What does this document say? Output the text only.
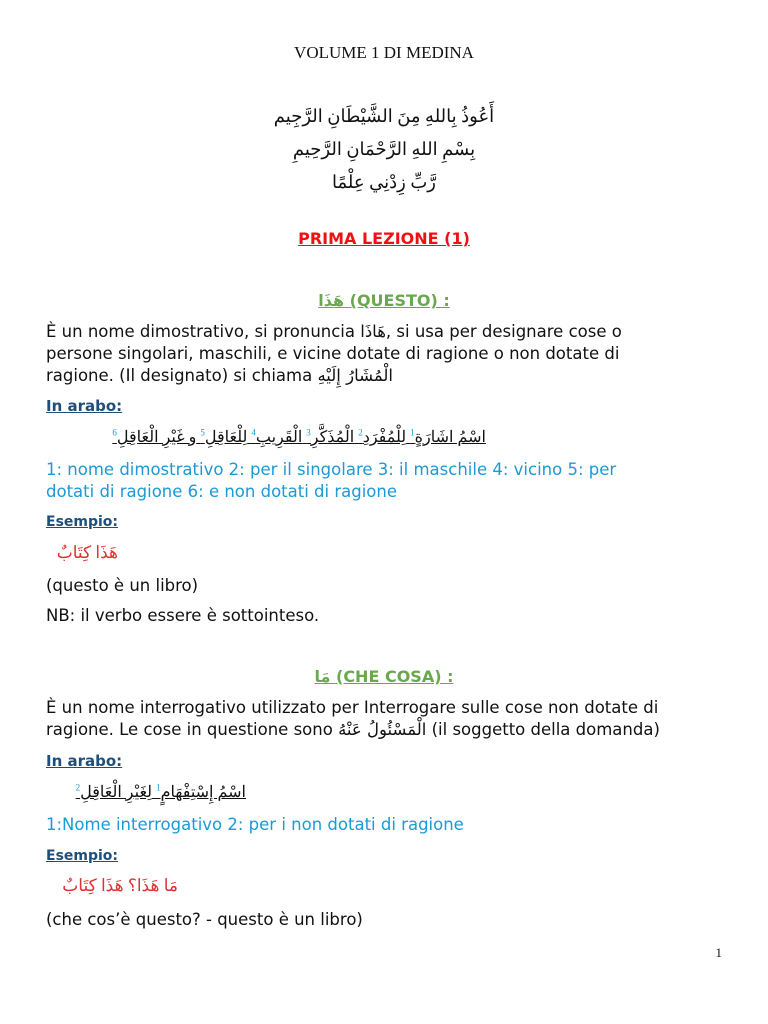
VOLUME 1 DI MEDINA
أَعُوذُ بِاللهِ مِنَ الشَّيْطَانِ الرَّجِيم
بِسْمِ اللهِ الرَّحْمَانِ الرَّحِيمِ
رَّبِّ زِدْنِي عِلْمًا
PRIMA LEZIONE (1)
هَذَا (QUESTO) :
È un nome dimostrativo, si pronuncia هَاذَا, si usa per designare cose o
persone singolari, maschili, e vicine dotate di ragione o non dotate di
ragione. (Il designato) si chiama الْمُشَارُ إِلَيْهِ
In arabo:
اسْمُ اشَارَةٍ$^1$ لِلْمُفْرَدِ$^2$ الْمُذَكَّرِ$^3$ الْقَرِيبِ$^4$ لِلْعَاقِلِ$^5$ و غَيْرِ الْعَاقِلِ$^6$
1: nome dimostrativo 2: per il singolare 3: il maschile 4: vicino 5: per
dotati di ragione 6: e non dotati di ragione
Esempio:
هَذَا كِتَابٌ
(questo è un libro)
NB: il verbo essere è sottointeso.
مَا (CHE COSA) :
È un nome interrogativo utilizzato per Interrogare sulle cose non dotate di
ragione. Le cose in questione sono الْمَسْئُولُ عَنْهُ (il soggetto della domanda)
In arabo:
اسْمُ إِسْتِفْهَامٍ$^1$ لِغَيْرِ الْعَاقِلِ$^2$
1:Nome interrogativo 2: per i non dotati di ragione
Esempio:
مَا هَذَا؟ هَذَا كِتَابٌ
(che cos’è questo? - questo è un libro)
1
